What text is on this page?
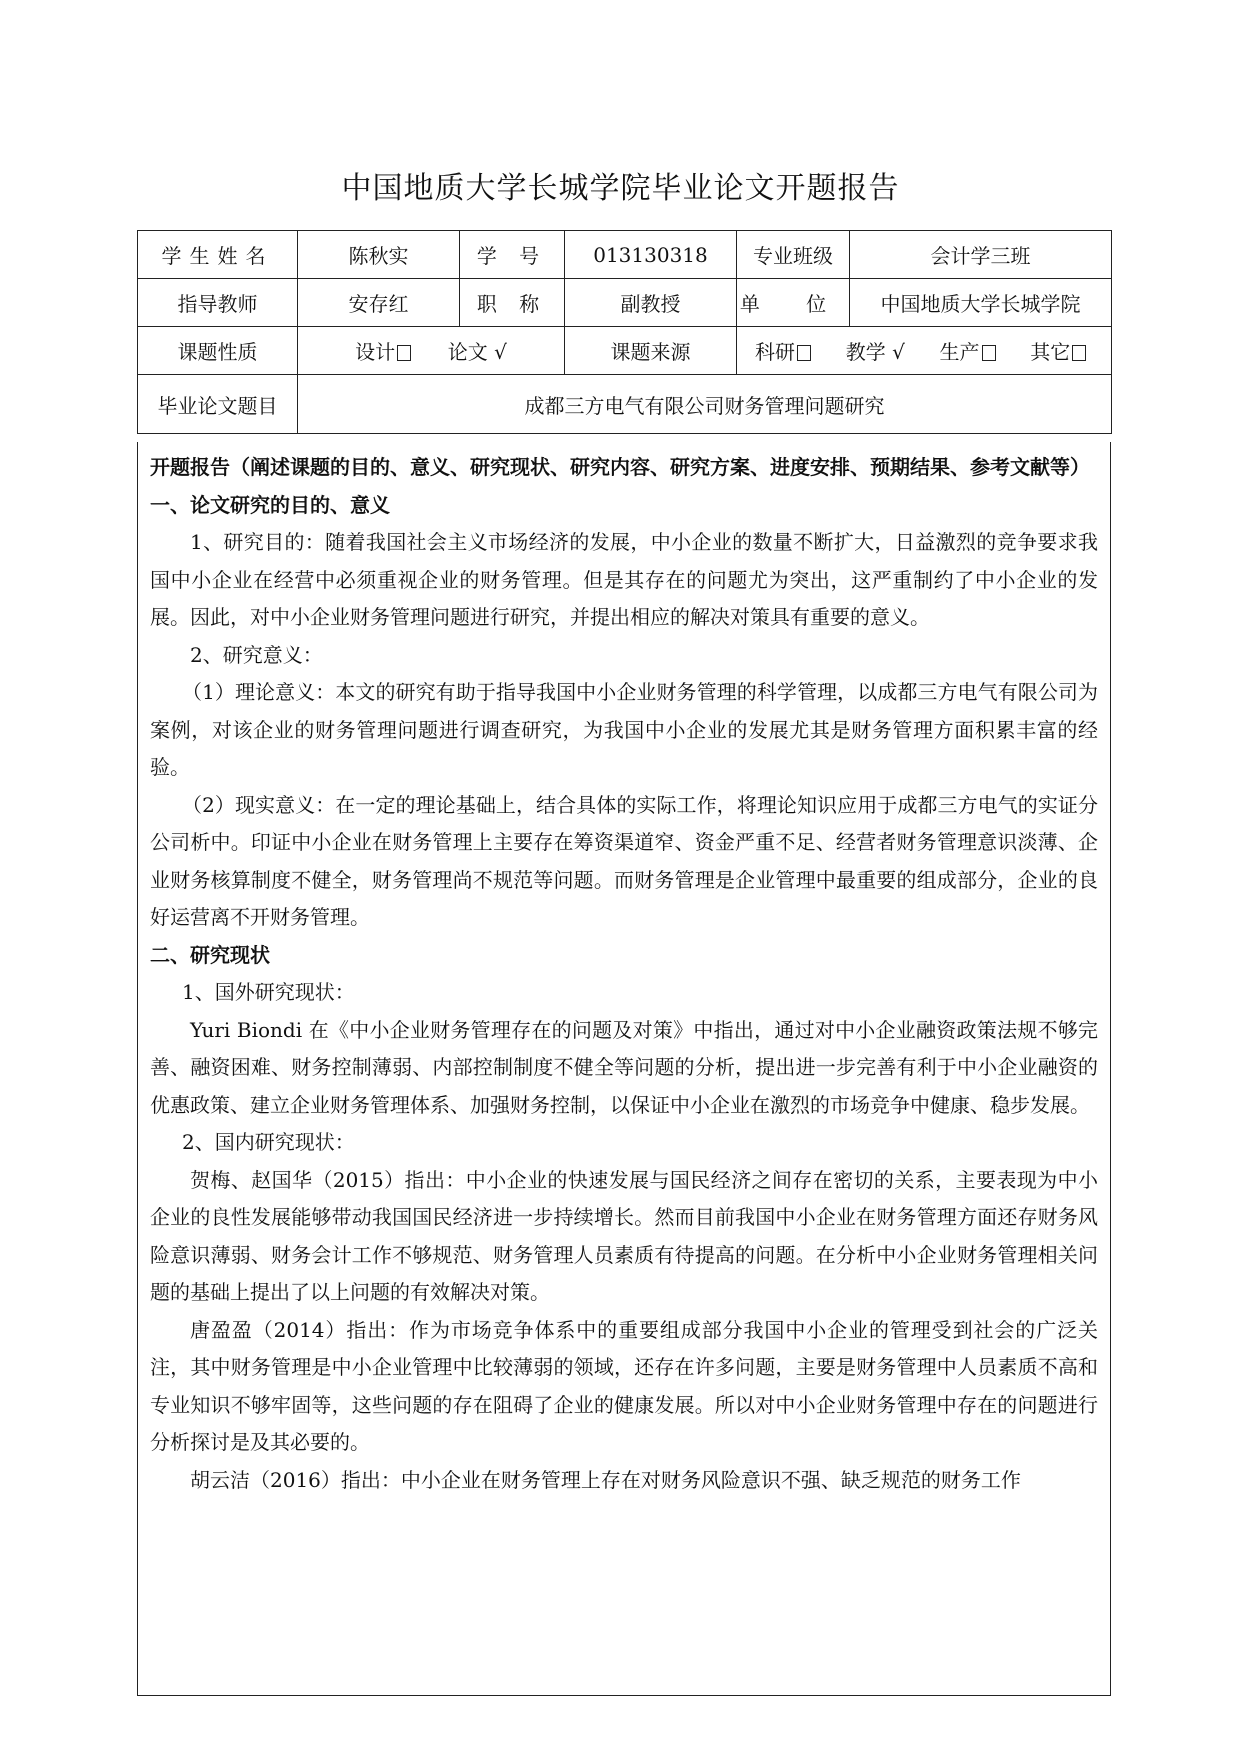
中国地质大学长城学院毕业论文开题报告
学生姓名	陈秋实	学 号	013130318	专业班级	会计学三班
指导教师	安存红	职 称	副教授	单 位	中国地质大学长城学院
课题性质	设计 论文 √		课题来源	科研 教学 √ 生产 其它	
毕业论文题目	成都三方电气有限公司财务管理问题研究				

开题报告（阐述课题的目的、意义、研究现状、研究内容、研究方案、进度安排、预期结果、参考文献等）

一、论文研究的目的、意义

1、研究目的：随着我国社会主义市场经济的发展，中小企业的数量不断扩大，日益激烈的竞争要求我国中小企业在经营中必须重视企业的财务管理。但是其存在的问题尤为突出，这严重制约了中小企业的发展。因此，对中小企业财务管理问题进行研究，并提出相应的解决对策具有重要的意义。

2、研究意义：

（1）理论意义：本文的研究有助于指导我国中小企业财务管理的科学管理，以成都三方电气有限公司为案例，对该企业的财务管理问题进行调查研究，为我国中小企业的发展尤其是财务管理方面积累丰富的经验。

（2）现实意义：在一定的理论基础上，结合具体的实际工作，将理论知识应用于成都三方电气的实证分公司析中。印证中小企业在财务管理上主要存在筹资渠道窄、资金严重不足、经营者财务管理意识淡薄、企业财务核算制度不健全，财务管理尚不规范等问题。而财务管理是企业管理中最重要的组成部分，企业的良好运营离不开财务管理。

二、研究现状

1、国外研究现状：

Yuri Biondi 在《中小企业财务管理存在的问题及对策》中指出，通过对中小企业融资政策法规不够完善、融资困难、财务控制薄弱、内部控制制度不健全等问题的分析，提出进一步完善有利于中小企业融资的优惠政策、建立企业财务管理体系、加强财务控制，以保证中小企业在激烈的市场竞争中健康、稳步发展。

2、国内研究现状：

贺梅、赵国华（2015）指出：中小企业的快速发展与国民经济之间存在密切的关系，主要表现为中小企业的良性发展能够带动我国国民经济进一步持续增长。然而目前我国中小企业在财务管理方面还存财务风险意识薄弱、财务会计工作不够规范、财务管理人员素质有待提高的问题。在分析中小企业财务管理相关问题的基础上提出了以上问题的有效解决对策。

唐盈盈（2014）指出：作为市场竞争体系中的重要组成部分我国中小企业的管理受到社会的广泛关注，其中财务管理是中小企业管理中比较薄弱的领域，还存在许多问题，主要是财务管理中人员素质不高和专业知识不够牢固等，这些问题的存在阻碍了企业的健康发展。所以对中小企业财务管理中存在的问题进行分析探讨是及其必要的。

胡云洁（2016）指出：中小企业在财务管理上存在对财务风险意识不强、缺乏规范的财务工作
